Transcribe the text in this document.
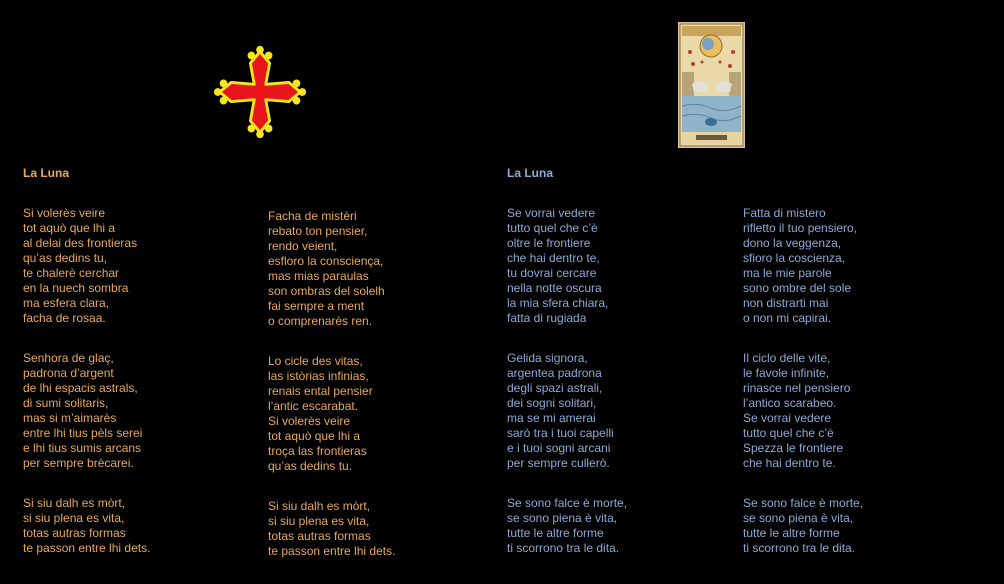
La Luna

Si volerès veire
tot aquò que lhi a
al delai des frontieras
qu’as dedins tu,
te chalerè cerchar
en la nuech sombra
ma esfera clara,
facha de rosaa.

Senhora de glaç,
padrona d’argent
de lhi espacis astrals,
di sumi solitaris,
mas si m’aimarès
entre lhi tius pèls serei
e lhi tius sumis arcans
per sempre brècarei.

Si siu dalh es mòrt,
si siu plena es vita,
totas autras formas
te passon entre lhi dets.

Facha de mistèri
rebato ton pensier,
rendo veient,
esfloro la consciença,
mas mias paraulas
son ombras del solelh
fai sempre a ment
o comprenarès ren.

Lo cicle des vitas,
las istòrias infinias,
renais ental pensier
l’antic escarabat.
Si volerès veire
tot aquò que lhi a
troça las frontieras
qu’as dedins tu.

Si siu dalh es mòrt,
si siu plena es vita,
totas autras formas
te passon entre lhi dets.

La Luna

Se vorrai vedere
tutto quel che c’è
oltre le frontiere
che hai dentro te,
tu dovrai cercare
nella notte oscura
la mia sfera chiara,
fatta di rugiada

Gelida signora,
argentea padrona
degli spazi astrali,
dei sogni solitari,
ma se mi amerai
sarò tra i tuoi capelli
e i tuoi sogni arcani
per sempre cullerò.

Se sono falce è morte,
se sono piena è vita,
tutte le altre forme
ti scorrono tra le dita.

Fatta di mistero
rifletto il tuo pensiero,
dono la veggenza,
sfioro la coscienza,
ma le mie parole
sono ombre del sole
non distrarti mai
o non mi capirai.

Il ciclo delle vite,
le favole infinite,
rinasce nel pensiero
l’antico scarabeo.
Se vorrai vedere
tutto quel che c’è
Spezza le frontiere
che hai dentro te.

Se sono falce è morte,
se sono piena è vita,
tutte le altre forme
ti scorrono tra le dita.
